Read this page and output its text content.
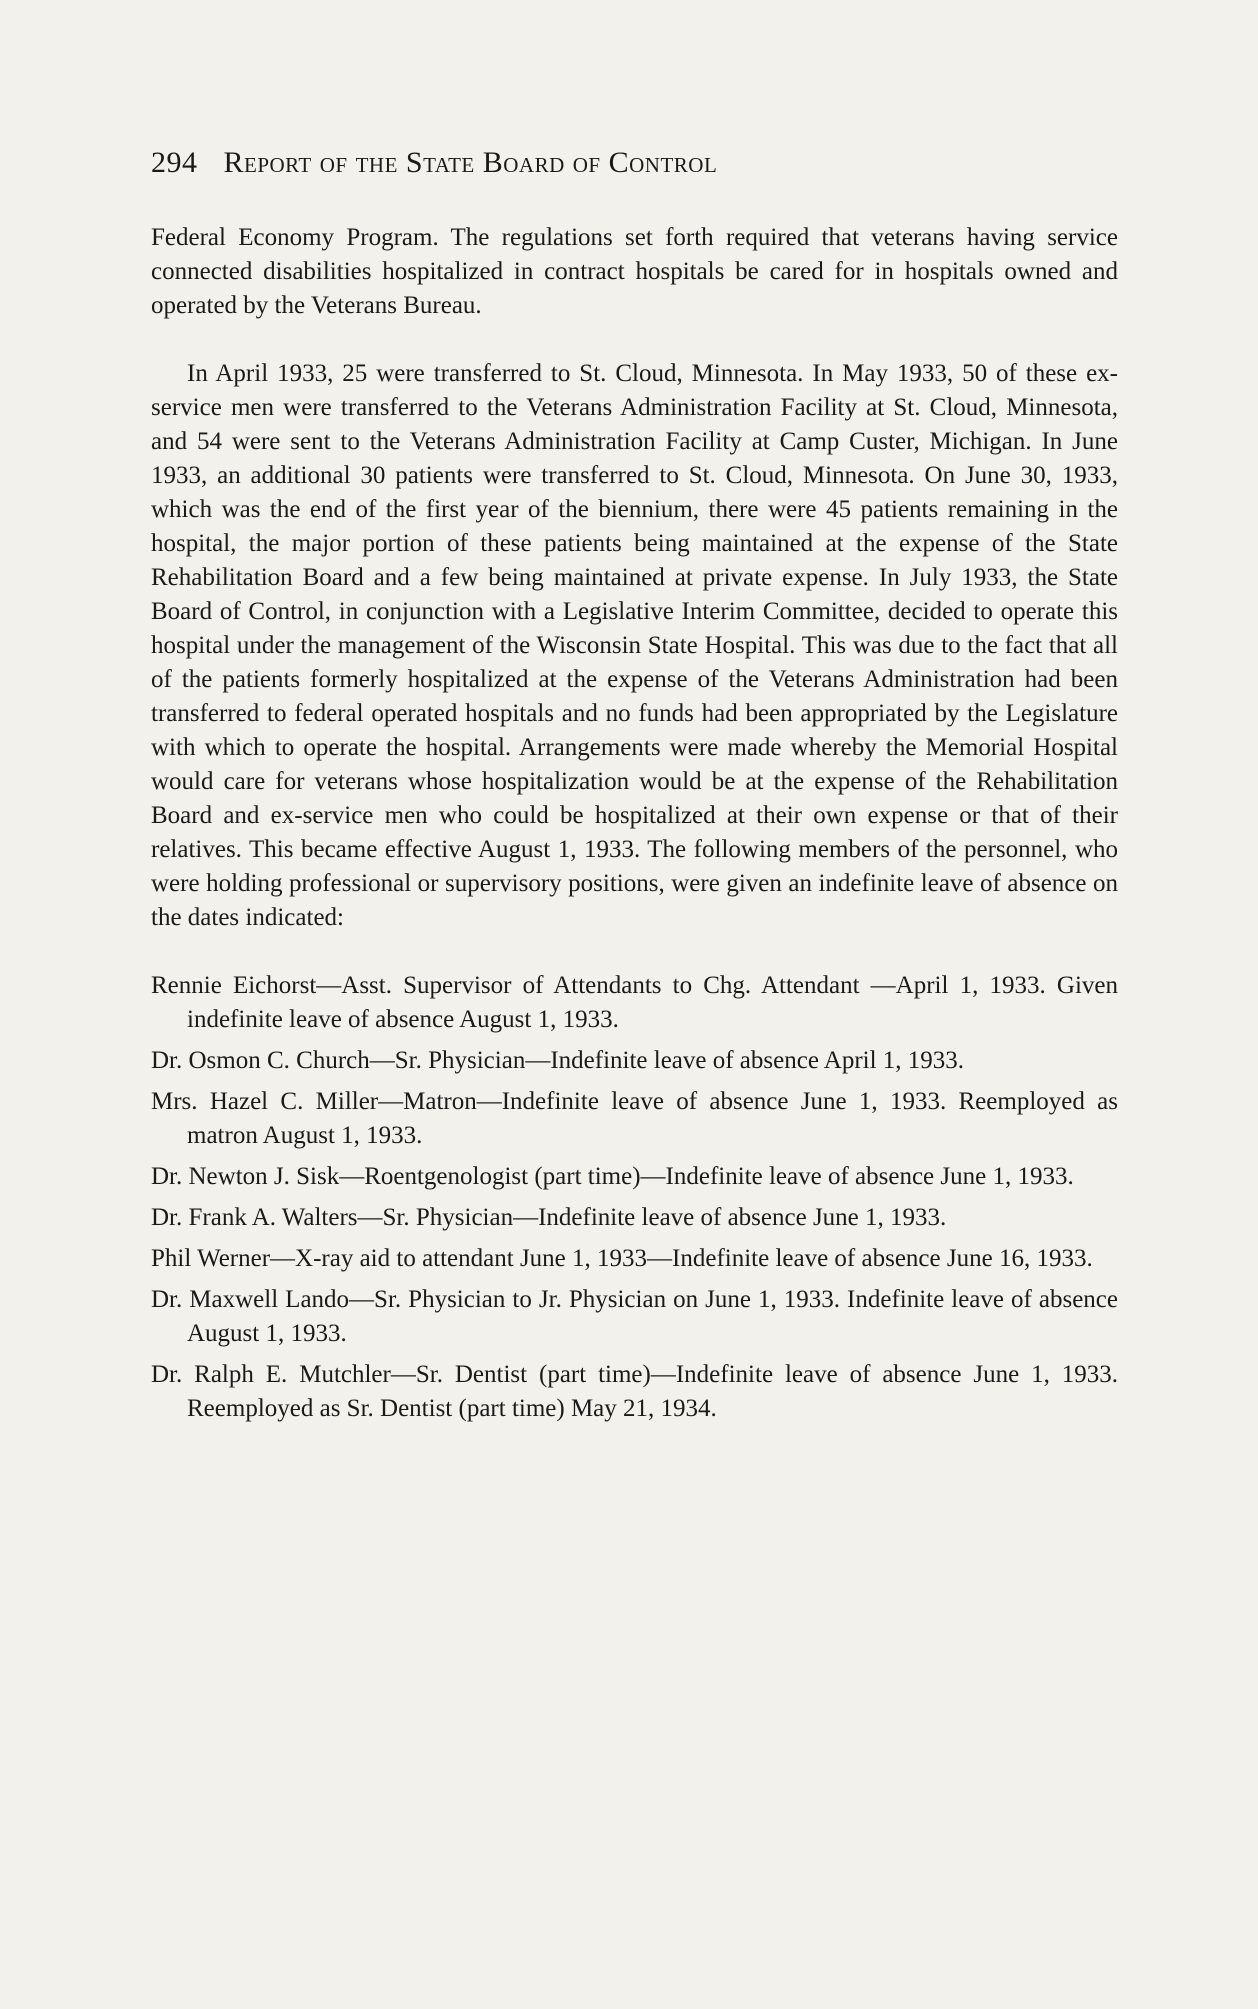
294 Report of the State Board of Control

Federal Economy Program. The regulations set forth required that veterans having service connected disabilities hospitalized in contract hospitals be cared for in hospitals owned and operated by the Veterans Bureau.

In April 1933, 25 were transferred to St. Cloud, Minnesota. In May 1933, 50 of these ex-service men were transferred to the Veterans Administration Facility at St. Cloud, Minnesota, and 54 were sent to the Veterans Administration Facility at Camp Custer, Michigan. In June 1933, an additional 30 patients were transferred to St. Cloud, Minnesota. On June 30, 1933, which was the end of the first year of the biennium, there were 45 patients remaining in the hospital, the major portion of these patients being maintained at the expense of the State Rehabilitation Board and a few being maintained at private expense. In July 1933, the State Board of Control, in conjunction with a Legislative Interim Committee, decided to operate this hospital under the management of the Wisconsin State Hospital. This was due to the fact that all of the patients formerly hospitalized at the expense of the Veterans Administration had been transferred to federal operated hospitals and no funds had been appropriated by the Legislature with which to operate the hospital. Arrangements were made whereby the Memorial Hospital would care for veterans whose hospitalization would be at the expense of the Rehabilitation Board and ex-service men who could be hospitalized at their own expense or that of their relatives. This became effective August 1, 1933. The following members of the personnel, who were holding professional or supervisory positions, were given an indefinite leave of absence on the dates indicated:

Rennie Eichorst—Asst. Supervisor of Attendants to Chg. Attendant —April 1, 1933. Given indefinite leave of absence August 1, 1933.

Dr. Osmon C. Church—Sr. Physician—Indefinite leave of absence April 1, 1933.

Mrs. Hazel C. Miller—Matron—Indefinite leave of absence June 1, 1933. Reemployed as matron August 1, 1933.

Dr. Newton J. Sisk—Roentgenologist (part time)—Indefinite leave of absence June 1, 1933.

Dr. Frank A. Walters—Sr. Physician—Indefinite leave of absence June 1, 1933.

Phil Werner—X-ray aid to attendant June 1, 1933—Indefinite leave of absence June 16, 1933.

Dr. Maxwell Lando—Sr. Physician to Jr. Physician on June 1, 1933. Indefinite leave of absence August 1, 1933.

Dr. Ralph E. Mutchler—Sr. Dentist (part time)—Indefinite leave of absence June 1, 1933. Reemployed as Sr. Dentist (part time) May 21, 1934.
